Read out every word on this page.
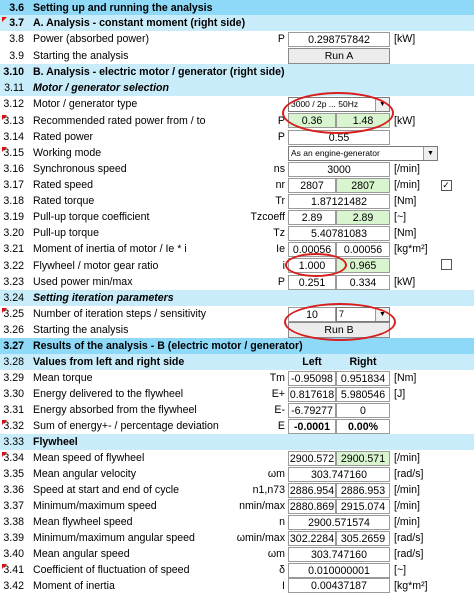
3.6 Setting up and running the analysis
3.7 A. Analysis - constant moment (right side)
3.8 Power (absorbed power)	P	0.298757842	[kW]
3.9 Starting the analysis	Run A
3.10 B. Analysis - electric motor / generator (right side)
3.11 Motor / generator selection
3.12 Motor / generator type	3000 / 2p ... 50Hz	▼
3.13 Recommended rated power from / to	P	0.36	1.48	[kW]
3.14 Rated power	P	0.55
3.15 Working mode	As an engine-generator	▼
3.16 Synchronous speed	ns	3000	[/min]
3.17 Rated speed	nr	2807	2807	[/min]	✓
3.18 Rated torque	Tr	1.87121482	[Nm]
3.19 Pull-up torque coefficient	Tzcoeff	2.89	2.89	[~]
3.20 Pull-up torque	Tz	5.40781083	[Nm]
3.21 Moment of inertia of motor / Ie * i	Ie 0.00056	0.00056	[kg*m²]
3.22 Flywheel / motor gear ratio	i	1.000	0.965
3.23 Used power min/max	P	0.251	0.334	[kW]
3.24 Setting iteration parameters
3.25 Number of iteration steps / sensitivity	10	7	▼
3.26 Starting the analysis	Run B
3.27 Results of the analysis - B (electric motor / generator)
3.28 Values from left and right side	Left	Right
3.29 Mean torque	Tm -0.95098 0.951834 [Nm]
3.30 Energy delivered to the flywheel	E+ 0.817618 5.980546 [J]
3.31 Energy absorbed from the flywheel	E- -6.79277	0
3.32 Sum of energy+- / percentage deviation	E -0.0001	0.00%
3.33 Flywheel
3.34 Mean speed of flywheel	2900.572 2900.571 [/min]
3.35 Mean angular velocity	ωm	303.747160	[rad/s]
3.36 Speed at start and end of cycle	n1,n73 2886.954 2886.953 [/min]
3.37 Minimum/maximum speed	nmin/max 2880.869 2915.074 [/min]
3.38 Mean flywheel speed	n	2900.571574	[/min]
3.39 Minimum/maximum angular speed	ωmin/max 302.2284 305.2659 [rad/s]
3.40 Mean angular speed	ωm	303.747160	[rad/s]
3.41 Coefficient of fluctuation of speed	δ	0.010000001	[~]
3.42 Moment of inertia	I	0.00437187	[kg*m²]
